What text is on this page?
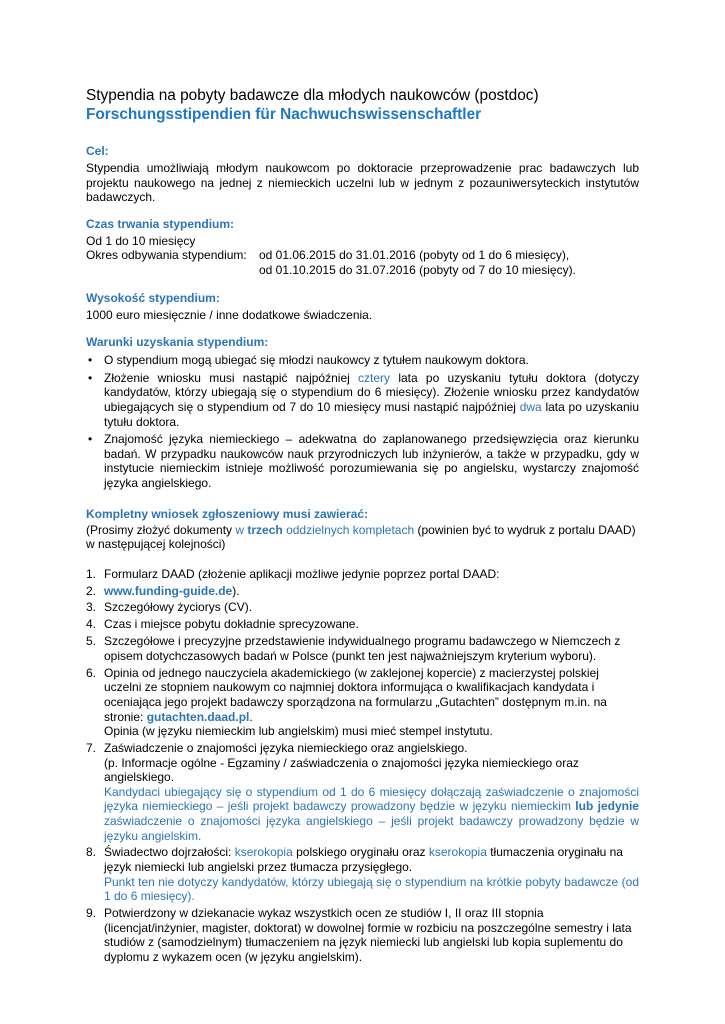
Stypendia na pobyty badawcze dla młodych naukowców (postdoc)
Forschungsstipendien für Nachwuchswissenschaftler
Cel:

Stypendia umożliwiają młodym naukowcom po doktoracie przeprowadzenie prac badawczych lub projektu naukowego na jednej z niemieckich uczelni lub w jednym z pozauniwersyteckich instytutów badawczych.

Czas trwania stypendium:

Od 1 do 10 miesięcy

Okres odbywania stypendium:	od 01.06.2015 do 31.01.2016 (pobyty od 1 do 6 miesięcy),
od 01.10.2015 do 31.07.2016 (pobyty od 7 do 10 miesięcy).
Wysokość stypendium:

1000 euro miesięcznie / inne dodatkowe świadczenia.

Warunki uzyskania stypendium:
• O stypendium mogą ubiegać się młodzi naukowcy z tytułem naukowym doktora.
• Złożenie wniosku musi nastąpić najpóźniej cztery lata po uzyskaniu tytułu doktora (dotyczy kandydatów, którzy ubiegają się o stypendium do 6 miesięcy). Złożenie wniosku przez kandydatów ubiegających się o stypendium od 7 do 10 miesięcy musi nastąpić najpóźniej dwa lata po uzyskaniu tytułu doktora.
• Znajomość języka niemieckiego – adekwatna do zaplanowanego przedsięwzięcia oraz kierunku badań. W przypadku naukowców nauk przyrodniczych lub inżynierów, a także w przypadku, gdy w instytucie niemieckim istnieje możliwość porozumiewania się po angielsku, wystarczy znajomość języka angielskiego.
Kompletny wniosek zgłoszeniowy musi zawierać:

(Prosimy złożyć dokumenty w trzech oddzielnych kompletach (powinien być to wydruk z portalu DAAD) w następującej kolejności)

1. Formularz DAAD (złożenie aplikacji możliwe jedynie poprzez portal DAAD:
2. www.funding-guide.de).
3. Szczegółowy życiorys (CV).
4. Czas i miejsce pobytu dokładnie sprecyzowane.
5. Szczegółowe i precyzyjne przedstawienie indywidualnego programu badawczego w Niemczech z opisem dotychczasowych badań w Polsce (punkt ten jest najważniejszym kryterium wyboru).
6. Opinia od jednego nauczyciela akademickiego (w zaklejonej kopercie) z macierzystej polskiej uczelni ze stopniem naukowym co najmniej doktora informująca o kwalifikacjach kandydata i oceniająca jego projekt badawczy sporządzona na formularzu „Gutachten” dostępnym m.in. na stronie: gutachten.daad.pl.
Opinia (w języku niemieckim lub angielskim) musi mieć stempel instytutu.
7. Zaświadczenie o znajomości języka niemieckiego oraz angielskiego.
(p. Informacje ogólne - Egzaminy / zaświadczenia o znajomości języka niemieckiego oraz angielskiego.
Kandydaci ubiegający się o stypendium od 1 do 6 miesięcy dołączają zaświadczenie o znajomości języka niemieckiego – jeśli projekt badawczy prowadzony będzie w języku niemieckim lub jedynie zaświadczenie o znajomości języka angielskiego – jeśli projekt badawczy prowadzony będzie w języku angielskim.
8. Świadectwo dojrzałości: kserokopia polskiego oryginału oraz kserokopia tłumaczenia oryginału na język niemiecki lub angielski przez tłumacza przysięgłego.
Punkt ten nie dotyczy kandydatów, którzy ubiegają się o stypendium na krótkie pobyty badawcze (od 1 do 6 miesięcy).
9. Potwierdzony w dziekanacie wykaz wszystkich ocen ze studiów I, II oraz III stopnia (licencjat/inżynier, magister, doktorat) w dowolnej formie w rozbiciu na poszczególne semestry i lata studiów z (samodzielnym) tłumaczeniem na język niemiecki lub angielski lub kopia suplementu do dyplomu z wykazem ocen (w języku angielskim).
